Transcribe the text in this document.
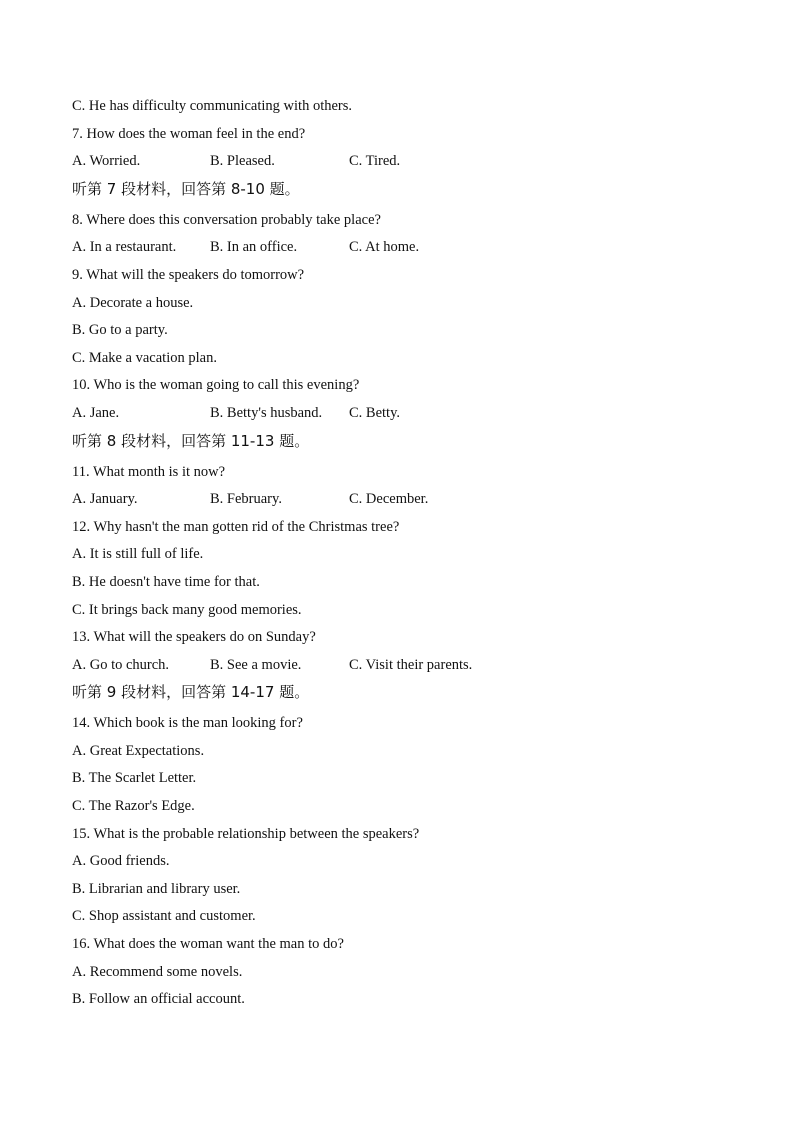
C. He has difficulty communicating with others.
7. How does the woman feel in the end?
A. Worried.	B. Pleased.	C. Tired.
听第 7 段材料，回答第 8-10 题。
8. Where does this conversation probably take place?
A. In a restaurant. B. In an office.	C. At home.
9. What will the speakers do tomorrow?
A. Decorate a house.
B. Go to a party.
C. Make a vacation plan.
10. Who is the woman going to call this evening?
A. Jane.	B. Betty's husband. C. Betty.
听第 8 段材料，回答第 11-13 题。
11. What month is it now?
A. January.	B. February.	C. December.
12. Why hasn't the man gotten rid of the Christmas tree?
A. It is still full of life.
B. He doesn't have time for that.
C. It brings back many good memories.
13. What will the speakers do on Sunday?
A. Go to church.	B. See a movie.	C. Visit their parents.
听第 9 段材料，回答第 14-17 题。
14. Which book is the man looking for?
A. Great Expectations.
B. The Scarlet Letter.
C. The Razor's Edge.
15. What is the probable relationship between the speakers?
A. Good friends.
B. Librarian and library user.
C. Shop assistant and customer.
16. What does the woman want the man to do?
A. Recommend some novels.
B. Follow an official account.
